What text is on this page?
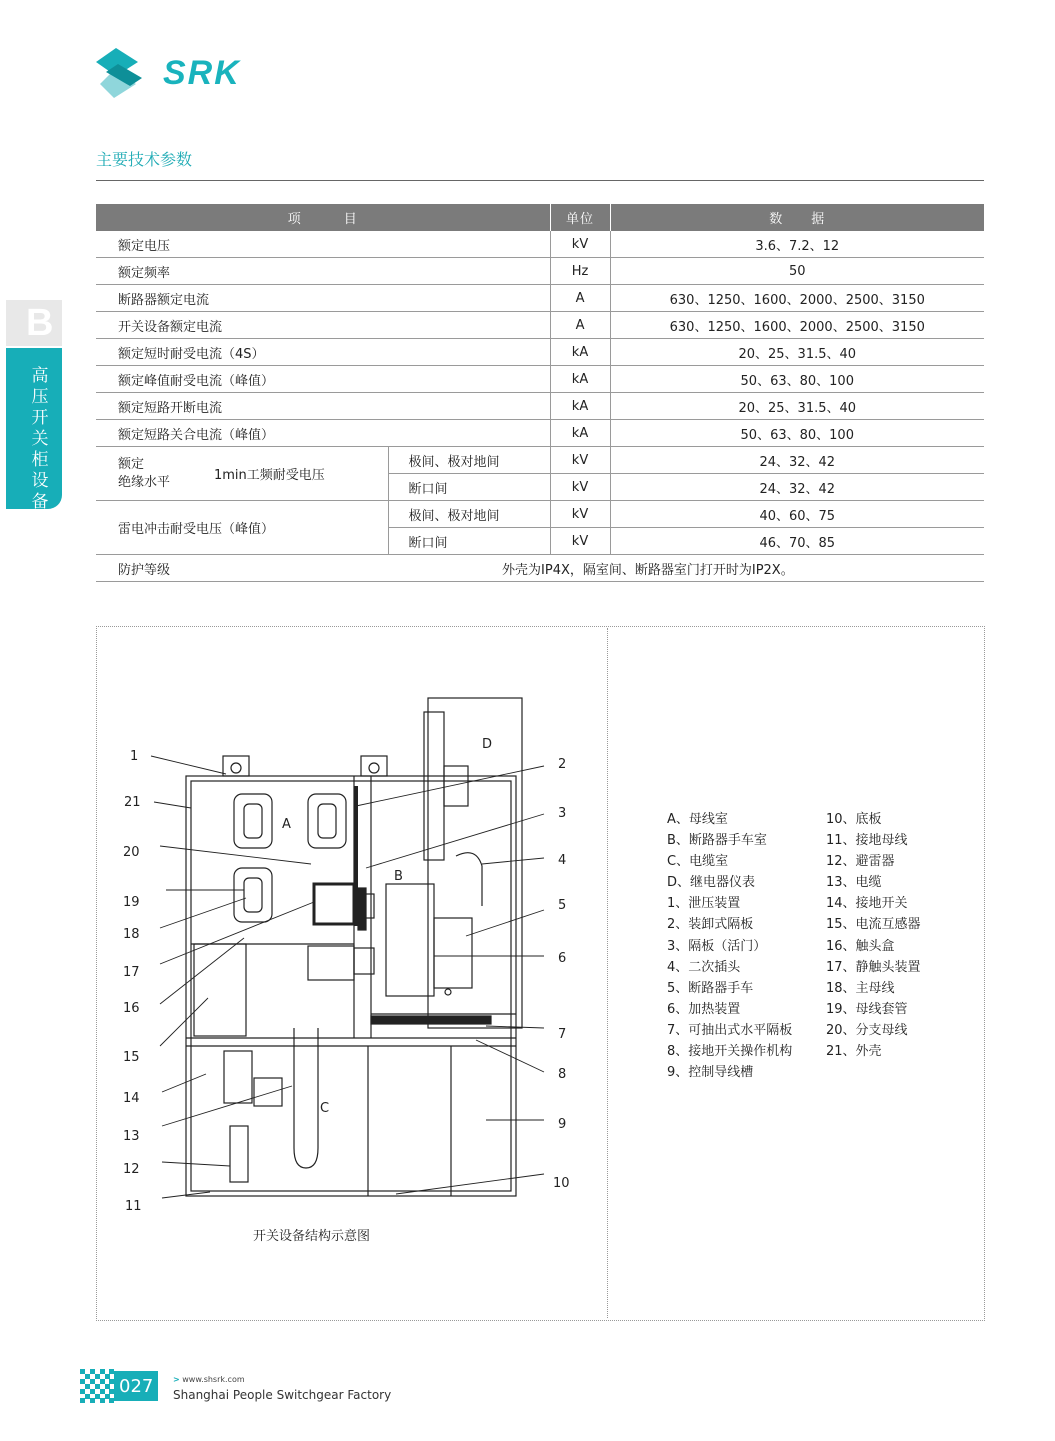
SRK
主要技术参数
B
高压开关柜设备
项　　　目		单位	数　　据
额定电压		kV	3.6、7.2、12
额定频率		Hz	50
断路器额定电流		A	630、1250、1600、2000、2500、3150
开关设备额定电流		A	630、1250、1600、2000、2500、3150
额定短时耐受电流（4S）		kA	20、25、31.5、40
额定峰值耐受电流（峰值）		kA	50、63、80、100
额定短路开断电流		kA	20、25、31.5、40
额定短路关合电流（峰值）		kA	50、63、80、100

额定
绝缘水平 1min工频耐受电压	极间、极对地间	kV	24、32、42
	断口间	kV	24、32、42
雷电冲击耐受电压（峰值）	极间、极对地间	kV	40、60、75
	断口间	kV	46、70、85
防护等级		外壳为IP4X，隔室间、断路器室门打开时为IP2X。	
A
B
C
D
1
21
20
19
18
17
16
15
14
13
12
11
2
3
4
5
6
7
8
9
10
开关设备结构示意图
A、母线室
B、断路器手车室
C、电缆室
D、继电器仪表
1、泄压装置
2、装卸式隔板
3、隔板（活门）
4、二次插头
5、断路器手车
6、加热装置
7、可抽出式水平隔板
8、接地开关操作机构
9、控制导线槽
10、底板
11、接地母线
12、避雷器
13、电缆
14、接地开关
15、电流互感器
16、触头盒
17、静触头装置
18、主母线
19、母线套管
20、分支母线
21、外壳
027 > www.shsrk.com
Shanghai People Switchgear Factory
